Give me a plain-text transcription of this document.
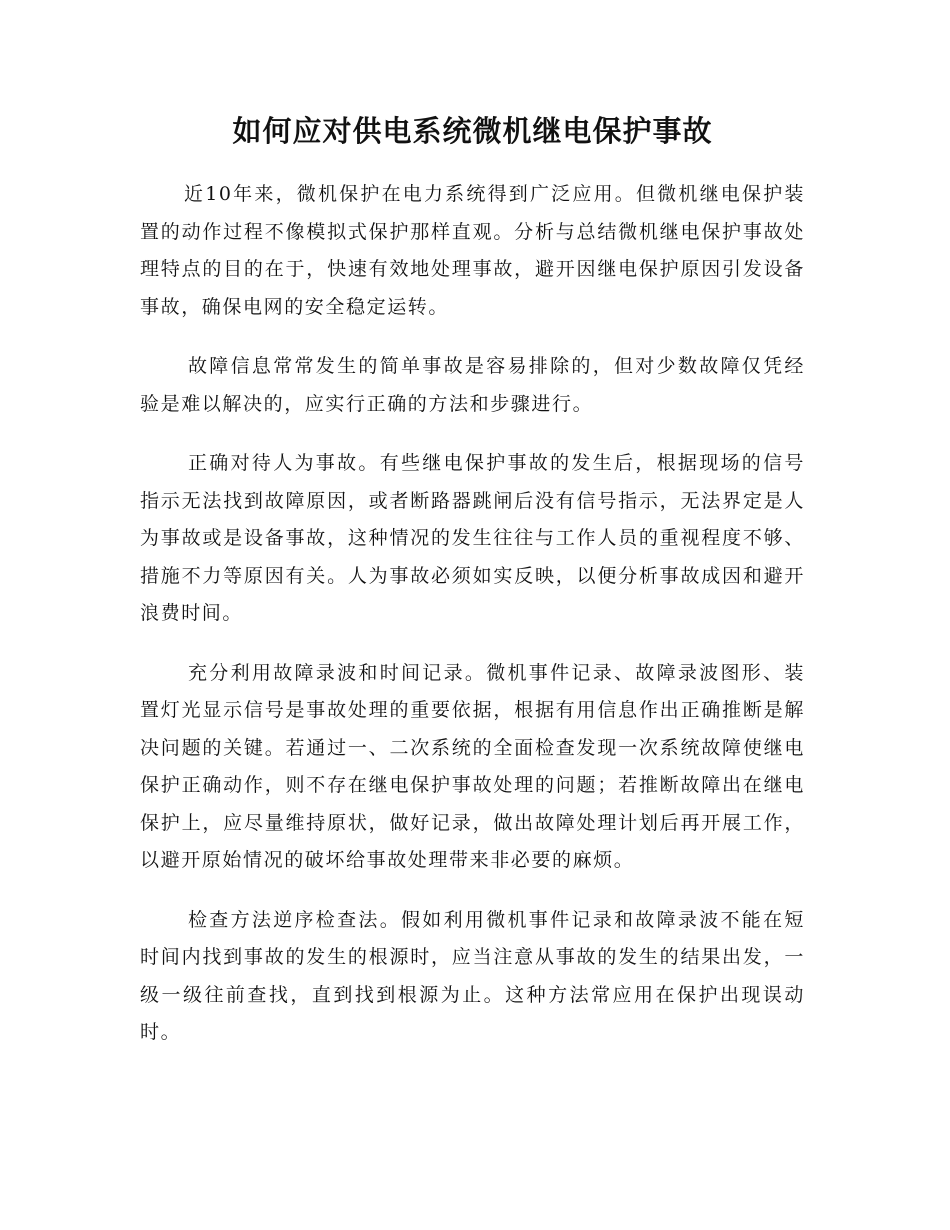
如何应对供电系统微机继电保护事故

近10年来，微机保护在电力系统得到广泛应用。但微机继电保护装置的动作过程不像模拟式保护那样直观。分析与总结微机继电保护事故处理特点的目的在于，快速有效地处理事故，避开因继电保护原因引发设备事故，确保电网的安全稳定运转。

故障信息常常发生的简单事故是容易排除的，但对少数故障仅凭经验是难以解决的，应实行正确的方法和步骤进行。

正确对待人为事故。有些继电保护事故的发生后，根据现场的信号指示无法找到故障原因，或者断路器跳闸后没有信号指示，无法界定是人为事故或是设备事故，这种情况的发生往往与工作人员的重视程度不够、措施不力等原因有关。人为事故必须如实反映，以便分析事故成因和避开浪费时间。

充分利用故障录波和时间记录。微机事件记录、故障录波图形、装置灯光显示信号是事故处理的重要依据，根据有用信息作出正确推断是解决问题的关键。若通过一、二次系统的全面检查发现一次系统故障使继电保护正确动作，则不存在继电保护事故处理的问题；若推断故障出在继电保护上，应尽量维持原状，做好记录，做出故障处理计划后再开展工作，以避开原始情况的破坏给事故处理带来非必要的麻烦。

检查方法逆序检查法。假如利用微机事件记录和故障录波不能在短时间内找到事故的发生的根源时，应当注意从事故的发生的结果出发，一级一级往前查找，直到找到根源为止。这种方法常应用在保护出现误动时。
